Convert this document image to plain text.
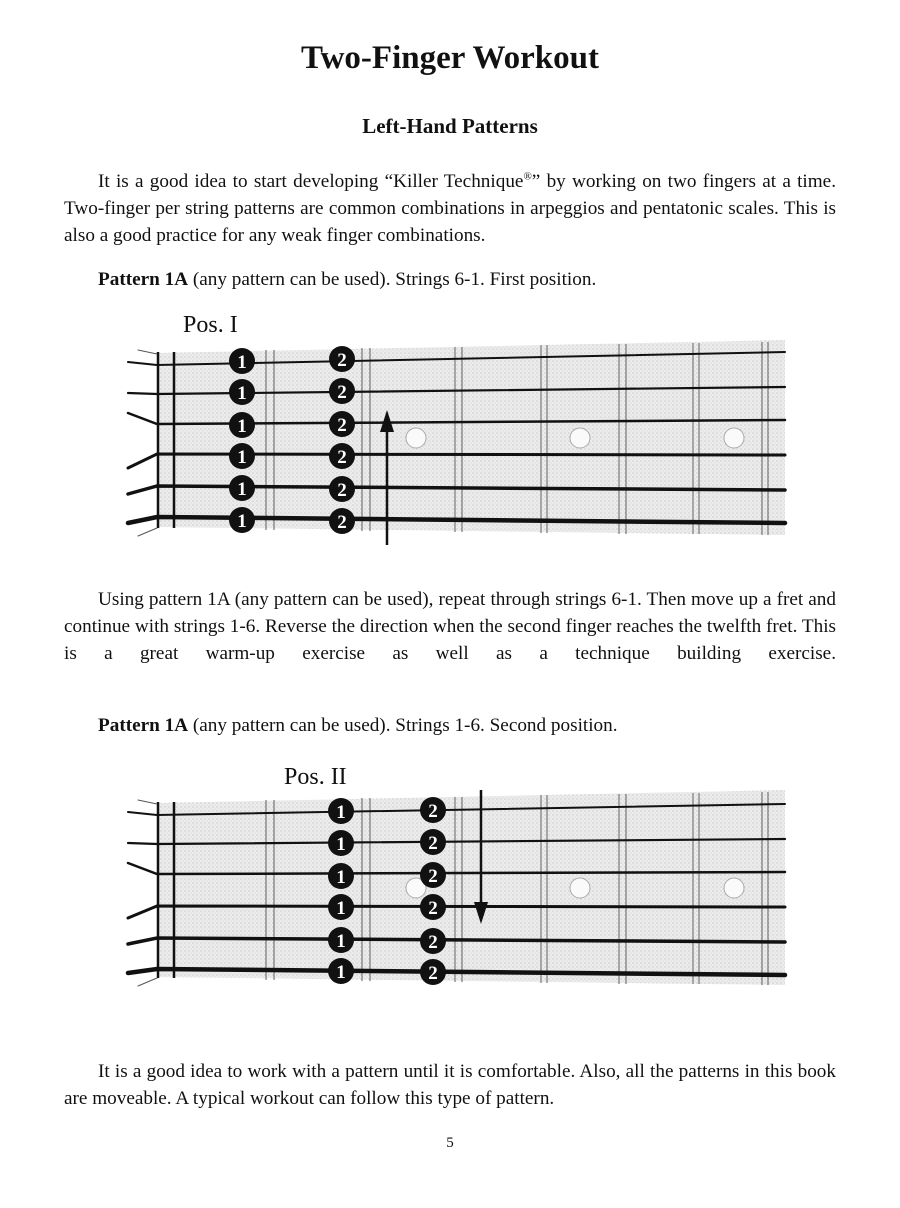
Two-Finger Workout
Left-Hand Patterns

It is a good idea to start developing “Killer Technique®” by working on two fingers at a time. Two-finger per string patterns are common combinations in arpeggios and pentatonic scales. This is also a good practice for any weak finger combinations.

Pattern 1A (any pattern can be used). Strings 6-1. First position.

Pos. I
1
1
1
1
1
1
2
2
2
2
2
2

Using pattern 1A (any pattern can be used), repeat through strings 6-1. Then move up a fret and continue with strings 1-6. Reverse the direction when the second finger reaches the twelfth fret. This is a great warm-up exercise as well as a technique building exercise.

Pattern 1A (any pattern can be used). Strings 1-6. Second position.

Pos. II
1
1
1
1
1
1
2
2
2
2
2
2

It is a good idea to work with a pattern until it is comfortable. Also, all the patterns in this book are moveable. A typical workout can follow this type of pattern.

5
